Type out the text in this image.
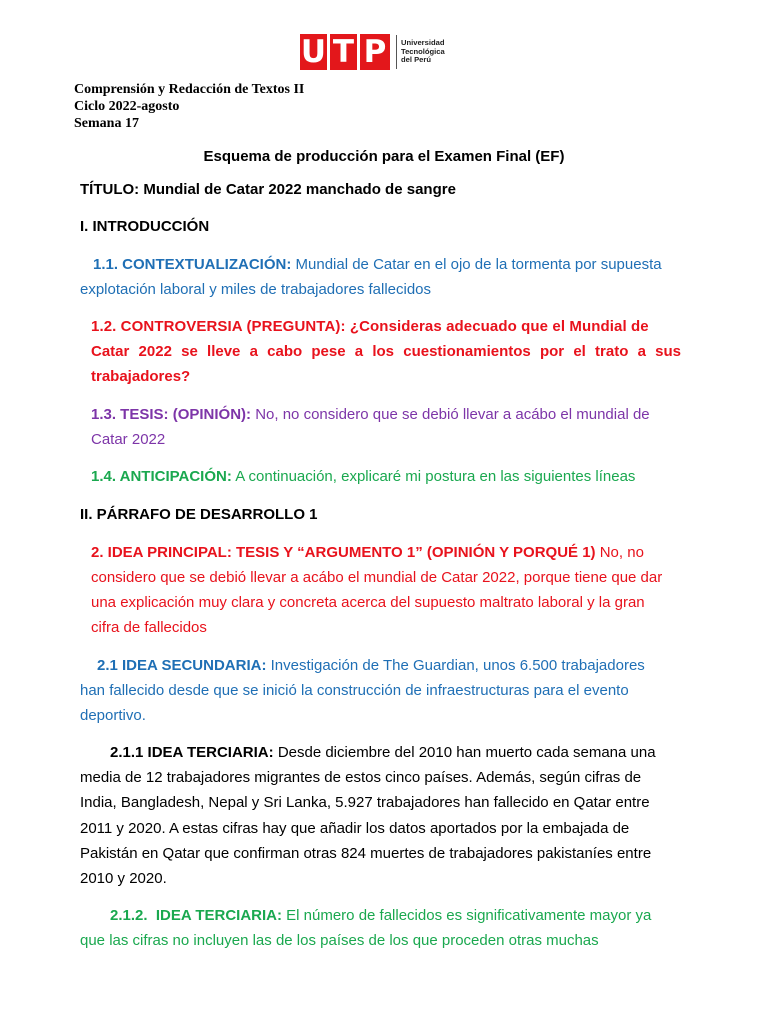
U T P	Universidad
Tecnológica
del Perú
Comprensión y Redacción de Textos II
Ciclo 2022-agosto
Semana 17
Esquema de producción para el Examen Final (EF)
TÍTULO: Mundial de Catar 2022 manchado de sangre
I. INTRODUCCIÓN
1.1. CONTEXTUALIZACIÓN: Mundial de Catar en el ojo de la tormenta por supuesta
explotación laboral y miles de trabajadores fallecidos
1.2. CONTROVERSIA (PREGUNTA): ¿Consideras adecuado que el Mundial de
Catar 2022 se lleve a cabo pese a los cuestionamientos por el trato a sus
trabajadores?
1.3. TESIS: (OPINIÓN): No, no considero que se debió llevar a acábo el mundial de
Catar 2022
1.4. ANTICIPACIÓN: A continuación, explicaré mi postura en las siguientes líneas
II. PÁRRAFO DE DESARROLLO 1
2. IDEA PRINCIPAL: TESIS Y “ARGUMENTO 1” (OPINIÓN Y PORQUÉ 1) No, no
considero que se debió llevar a acábo el mundial de Catar 2022, porque tiene que dar
una explicación muy clara y concreta acerca del supuesto maltrato laboral y la gran
cifra de fallecidos
2.1 IDEA SECUNDARIA: Investigación de The Guardian, unos 6.500 trabajadores
han fallecido desde que se inició la construcción de infraestructuras para el evento
deportivo.
2.1.1 IDEA TERCIARIA: Desde diciembre del 2010 han muerto cada semana una
media de 12 trabajadores migrantes de estos cinco países. Además, según cifras de
India, Bangladesh, Nepal y Sri Lanka, 5.927 trabajadores han fallecido en Qatar entre
2011 y 2020. A estas cifras hay que añadir los datos aportados por la embajada de
Pakistán en Qatar que confirman otras 824 muertes de trabajadores pakistaníes entre
2010 y 2020.
2.1.2.  IDEA TERCIARIA: El número de fallecidos es significativamente mayor ya
que las cifras no incluyen las de los países de los que proceden otras muchas
